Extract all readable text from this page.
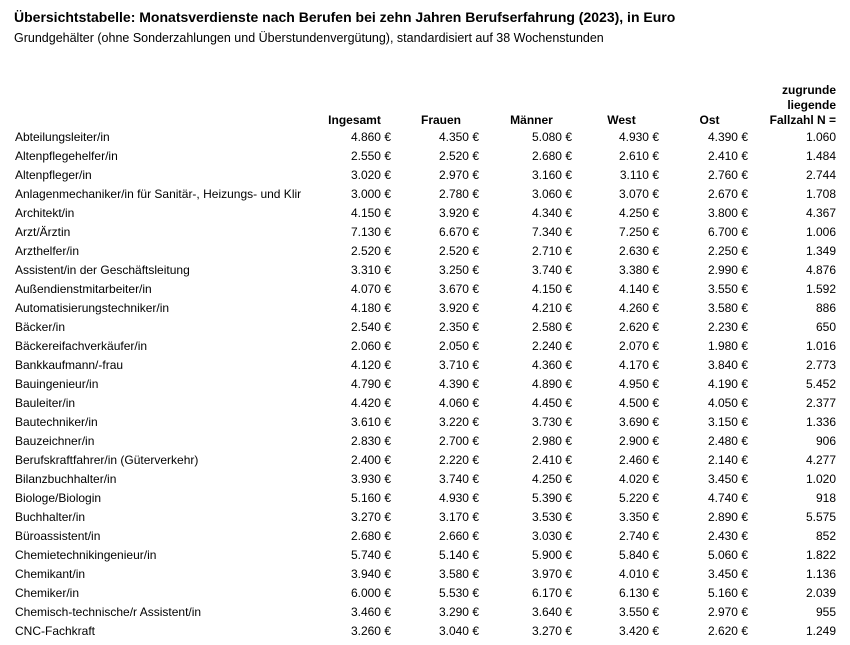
Übersichtstabelle: Monatsverdienste nach Berufen bei zehn Jahren Berufserfahrung (2023), in Euro
Grundgehälter (ohne Sonderzahlungen und Überstundenvergütung), standardisiert auf 38 Wochenstunden
	Ingesamt	Frauen	Männer	West	Ost	zugrunde
liegende
Fallzahl N =

Abteilungsleiter/in	4.860 €	4.350 €	5.080 €	4.930 €	4.390 €	1.060
Altenpflegehelfer/in	2.550 €	2.520 €	2.680 €	2.610 €	2.410 €	1.484
Altenpfleger/in	3.020 €	2.970 €	3.160 €	3.110 €	2.760 €	2.744
Anlagenmechaniker/in für Sanitär-, Heizungs- und Klir	3.000 €	2.780 €	3.060 €	3.070 €	2.670 €	1.708
Architekt/in	4.150 €	3.920 €	4.340 €	4.250 €	3.800 €	4.367
Arzt/Ärztin	7.130 €	6.670 €	7.340 €	7.250 €	6.700 €	1.006
Arzthelfer/in	2.520 €	2.520 €	2.710 €	2.630 €	2.250 €	1.349
Assistent/in der Geschäftsleitung	3.310 €	3.250 €	3.740 €	3.380 €	2.990 €	4.876
Außendienstmitarbeiter/in	4.070 €	3.670 €	4.150 €	4.140 €	3.550 €	1.592
Automatisierungstechniker/in	4.180 €	3.920 €	4.210 €	4.260 €	3.580 €	886
Bäcker/in	2.540 €	2.350 €	2.580 €	2.620 €	2.230 €	650
Bäckereifachverkäufer/in	2.060 €	2.050 €	2.240 €	2.070 €	1.980 €	1.016
Bankkaufmann/-frau	4.120 €	3.710 €	4.360 €	4.170 €	3.840 €	2.773
Bauingenieur/in	4.790 €	4.390 €	4.890 €	4.950 €	4.190 €	5.452
Bauleiter/in	4.420 €	4.060 €	4.450 €	4.500 €	4.050 €	2.377
Bautechniker/in	3.610 €	3.220 €	3.730 €	3.690 €	3.150 €	1.336
Bauzeichner/in	2.830 €	2.700 €	2.980 €	2.900 €	2.480 €	906
Berufskraftfahrer/in (Güterverkehr)	2.400 €	2.220 €	2.410 €	2.460 €	2.140 €	4.277
Bilanzbuchhalter/in	3.930 €	3.740 €	4.250 €	4.020 €	3.450 €	1.020
Biologe/Biologin	5.160 €	4.930 €	5.390 €	5.220 €	4.740 €	918
Buchhalter/in	3.270 €	3.170 €	3.530 €	3.350 €	2.890 €	5.575
Büroassistent/in	2.680 €	2.660 €	3.030 €	2.740 €	2.430 €	852
Chemietechnikingenieur/in	5.740 €	5.140 €	5.900 €	5.840 €	5.060 €	1.822
Chemikant/in	3.940 €	3.580 €	3.970 €	4.010 €	3.450 €	1.136
Chemiker/in	6.000 €	5.530 €	6.170 €	6.130 €	5.160 €	2.039
Chemisch-technische/r Assistent/in	3.460 €	3.290 €	3.640 €	3.550 €	2.970 €	955
CNC-Fachkraft	3.260 €	3.040 €	3.270 €	3.420 €	2.620 €	1.249
